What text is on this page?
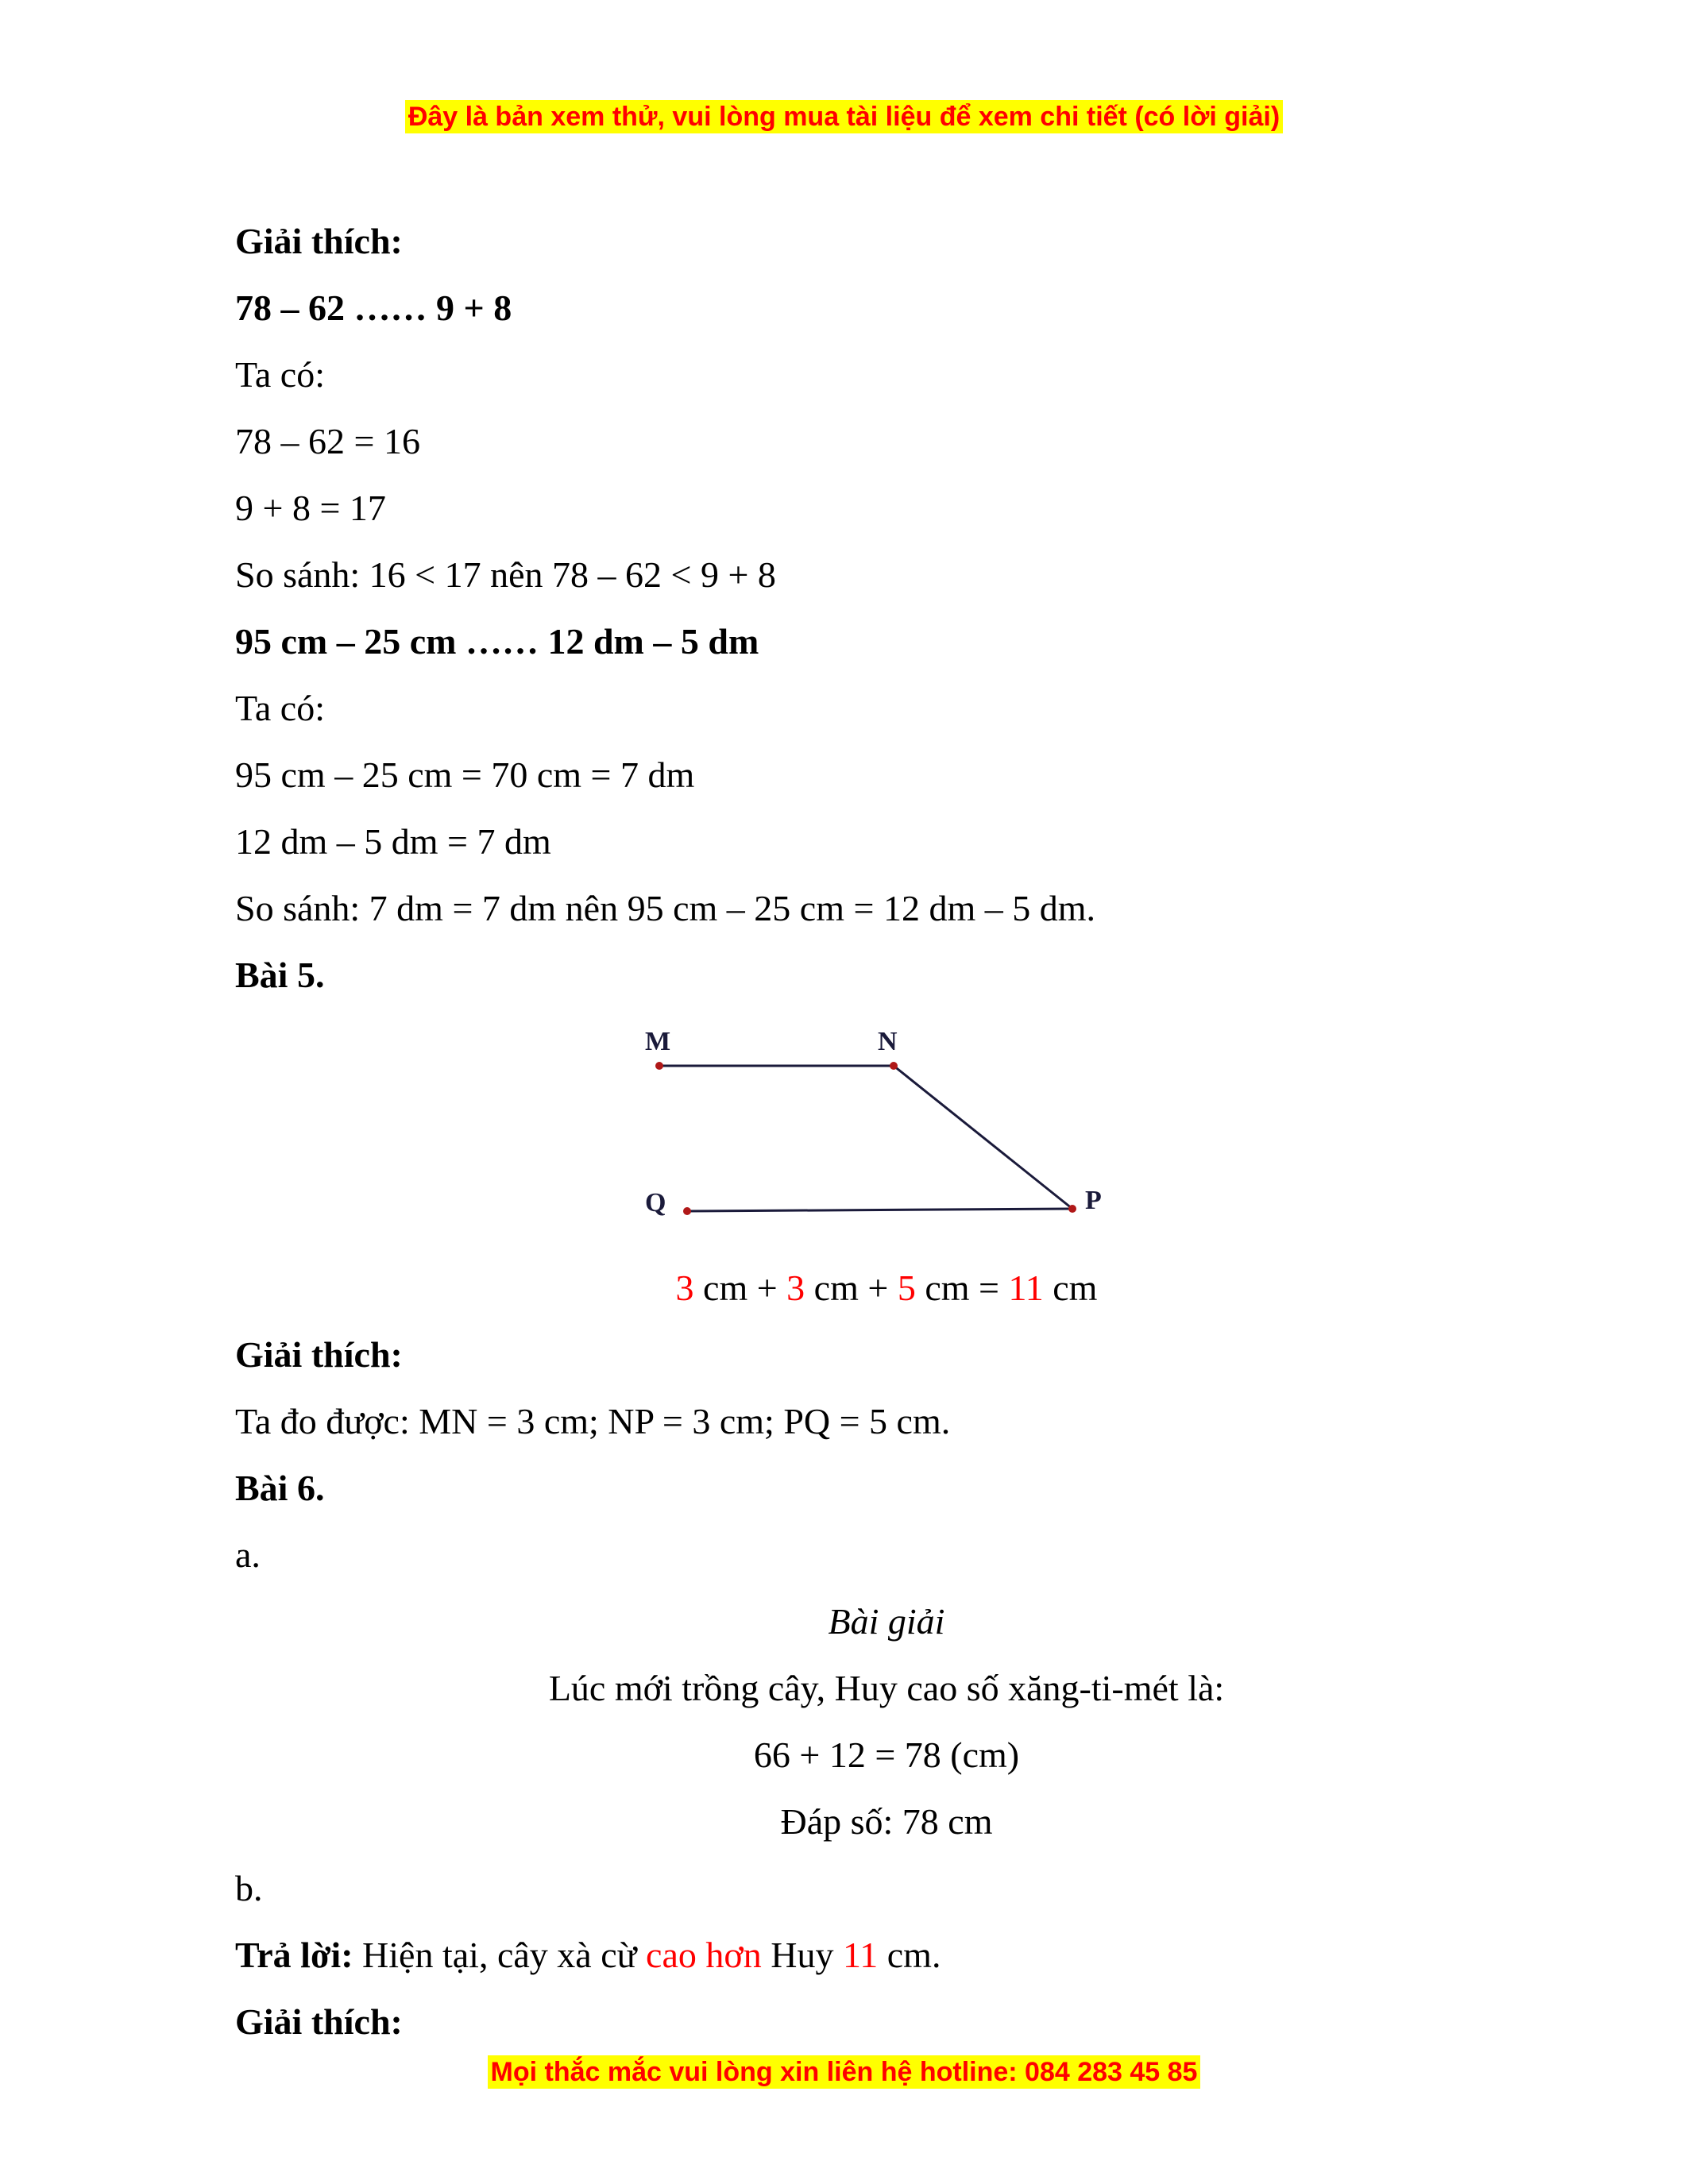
Đây là bản xem thử, vui lòng mua tài liệu để xem chi tiết (có lời giải)
Giải thích:
78 – 62 …… 9 + 8
Ta có:
78 – 62 = 16
9 + 8 = 17
So sánh: 16 < 17 nên 78 – 62 < 9 + 8
95 cm – 25 cm …… 12 dm – 5 dm
Ta có:
95 cm – 25 cm = 70 cm = 7 dm
12 dm – 5 dm = 7 dm
So sánh: 7 dm = 7 dm nên 95 cm – 25 cm = 12 dm – 5 dm.
Bài 5.
M	N
P
Q
3 cm + 3 cm + 5 cm = 11 cm
Giải thích:
Ta đo được: MN = 3 cm; NP = 3 cm; PQ = 5 cm.
Bài 6.
a.
Bài giải
Lúc mới trồng cây, Huy cao số xăng-ti-mét là:
66 + 12 = 78 (cm)
Đáp số: 78 cm
b.
Trả lời: Hiện tại, cây xà cừ cao hơn Huy 11 cm.
Giải thích:
Mọi thắc mắc vui lòng xin liên hệ hotline: 084 283 45 85
